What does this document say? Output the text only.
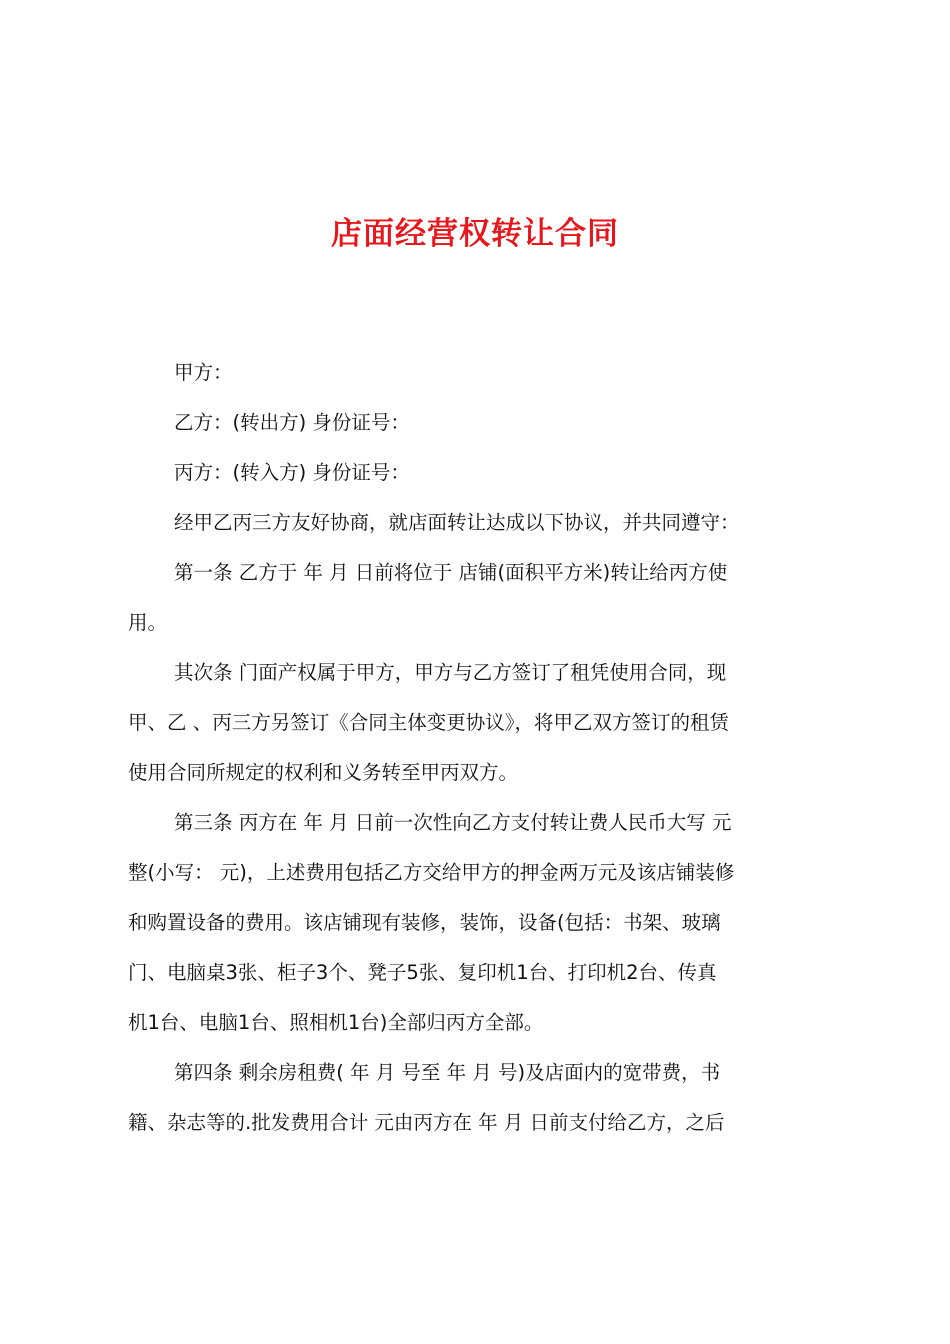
店面经营权转让合同
甲方：
乙方：(转出方) 身份证号：
丙方：(转入方) 身份证号：
经甲乙丙三方友好协商，就店面转让达成以下协议，并共同遵守：
第一条 乙方于 年 月 日前将位于 店铺(面积平方米)转让给丙方使
用。
其次条 门面产权属于甲方，甲方与乙方签订了租凭使用合同，现
甲、乙 、丙三方另签订《合同主体变更协议》，将甲乙双方签订的租赁
使用合同所规定的权利和义务转至甲丙双方。
第三条 丙方在 年 月 日前一次性向乙方支付转让费人民币大写 元
整(小写： 元)，上述费用包括乙方交给甲方的押金两万元及该店铺装修
和购置设备的费用。该店铺现有装修，装饰，设备(包括：书架、玻璃
门、电脑桌3张、柜子3个、凳子5张、复印机1台、打印机2台、传真
机1台、电脑1台、照相机1台)全部归丙方全部。
第四条 剩余房租费( 年 月 号至 年 月 号)及店面内的宽带费，书
籍、杂志等的.批发费用合计 元由丙方在 年 月 日前支付给乙方，之后
